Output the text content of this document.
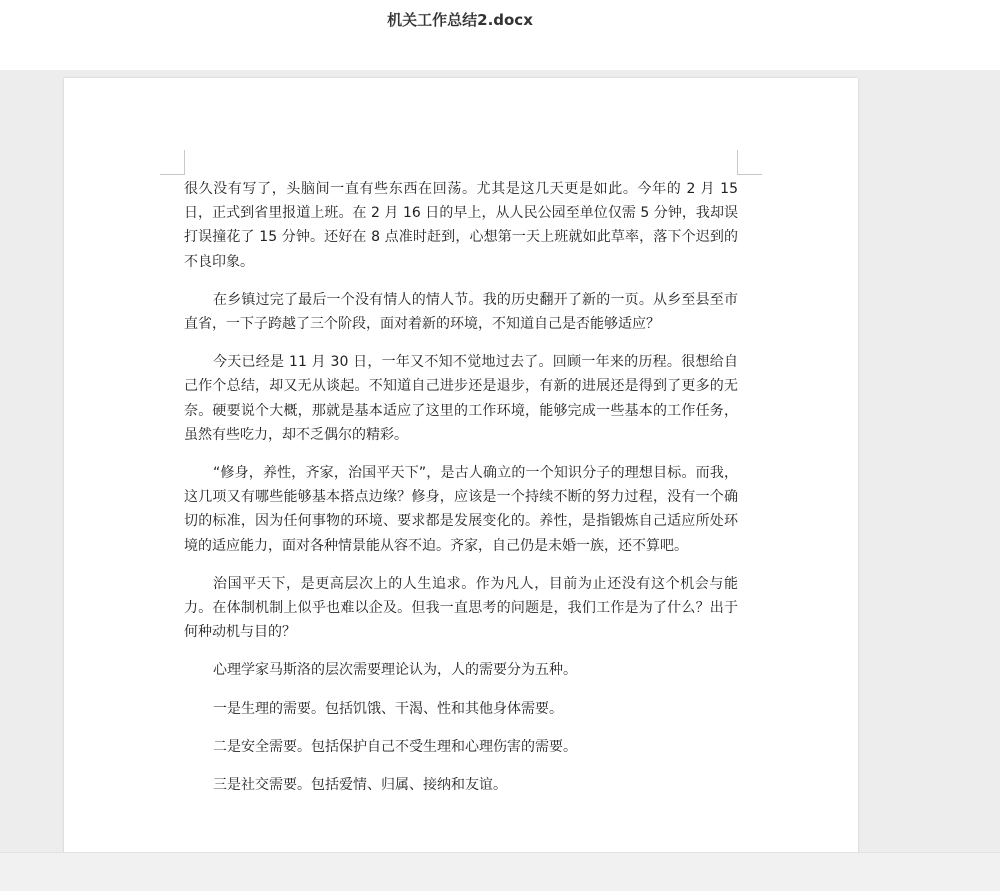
机关工作总结2.docx

很久没有写了，头脑间一直有些东西在回荡。尤其是这几天更是如此。今年的 2 月 15 日，正式到省里报道上班。在 2 月 16 日的早上，从人民公园至单位仅需 5 分钟，我却误打误撞花了 15 分钟。还好在 8 点准时赶到，心想第一天上班就如此草率，落下个迟到的不良印象。

在乡镇过完了最后一个没有情人的情人节。我的历史翻开了新的一页。从乡至县至市直省，一下子跨越了三个阶段，面对着新的环境，不知道自己是否能够适应？

今天已经是 11 月 30 日，一年又不知不觉地过去了。回顾一年来的历程。很想给自己作个总结，却又无从谈起。不知道自己进步还是退步，有新的进展还是得到了更多的无奈。硬要说个大概，那就是基本适应了这里的工作环境，能够完成一些基本的工作任务，虽然有些吃力，却不乏偶尔的精彩。

“修身，养性，齐家，治国平天下”，是古人确立的一个知识分子的理想目标。而我，这几项又有哪些能够基本搭点边缘？修身，应该是一个持续不断的努力过程，没有一个确切的标准，因为任何事物的环境、要求都是发展变化的。养性，是指锻炼自己适应所处环境的适应能力，面对各种情景能从容不迫。齐家，自己仍是未婚一族，还不算吧。

治国平天下，是更高层次上的人生追求。作为凡人，目前为止还没有这个机会与能力。在体制机制上似乎也难以企及。但我一直思考的问题是，我们工作是为了什么？出于何种动机与目的？

心理学家马斯洛的层次需要理论认为，人的需要分为五种。

一是生理的需要。包括饥饿、干渴、性和其他身体需要。

二是安全需要。包括保护自己不受生理和心理伤害的需要。

三是社交需要。包括爱情、归属、接纳和友谊。
